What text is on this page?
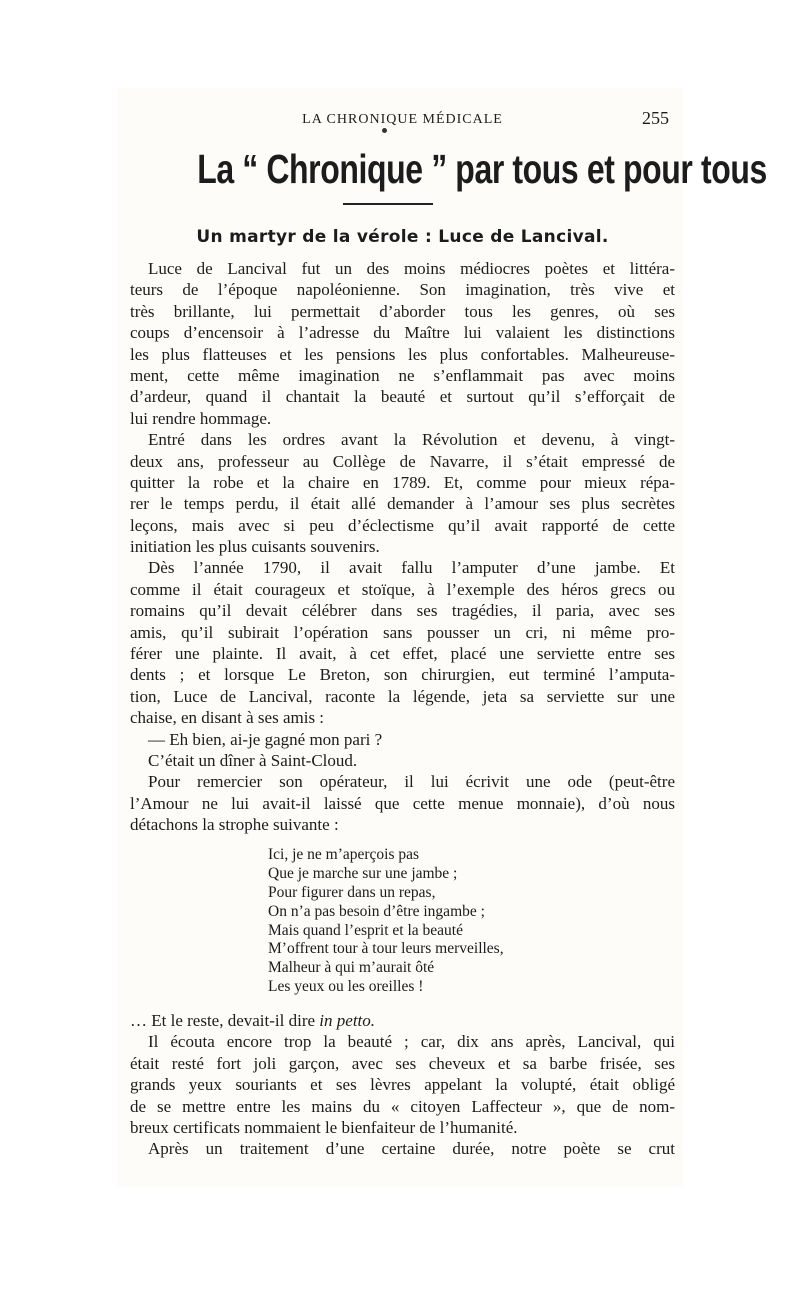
LA CHRONIQUE MÉDICALE	255
La “ Chronique ” par tous et pour tous
Un martyr de la vérole : Luce de Lancival.

Luce de Lancival fut un des moins médiocres poètes et littéra-
teurs de l’époque napoléonienne. Son imagination, très vive et
très brillante, lui permettait d’aborder tous les genres, où ses
coups d’encensoir à l’adresse du Maître lui valaient les distinctions
les plus flatteuses et les pensions les plus confortables. Malheureuse-
ment, cette même imagination ne s’enflammait pas avec moins
d’ardeur, quand il chantait la beauté et surtout qu’il s’efforçait de
lui rendre hommage.

Entré dans les ordres avant la Révolution et devenu, à vingt-
deux ans, professeur au Collège de Navarre, il s’était empressé de
quitter la robe et la chaire en 1789. Et, comme pour mieux répa-
rer le temps perdu, il était allé demander à l’amour ses plus secrètes
leçons, mais avec si peu d’éclectisme qu’il avait rapporté de cette
initiation les plus cuisants souvenirs.

Dès l’année 1790, il avait fallu l’amputer d’une jambe. Et
comme il était courageux et stoïque, à l’exemple des héros grecs ou
romains qu’il devait célébrer dans ses tragédies, il paria, avec ses
amis, qu’il subirait l’opération sans pousser un cri, ni même pro-
férer une plainte. Il avait, à cet effet, placé une serviette entre ses
dents ; et lorsque Le Breton, son chirurgien, eut terminé l’amputa-
tion, Luce de Lancival, raconte la légende, jeta sa serviette sur une
chaise, en disant à ses amis :

— Eh bien, ai-je gagné mon pari ?

C’était un dîner à Saint-Cloud.

Pour remercier son opérateur, il lui écrivit une ode (peut-être
l’Amour ne lui avait-il laissé que cette menue monnaie), d’où nous
détachons la strophe suivante :

Ici, je ne m’aperçois pas
Que je marche sur une jambe ;
Pour figurer dans un repas,
On n’a pas besoin d’être ingambe ;
Mais quand l’esprit et la beauté
M’offrent tour à tour leurs merveilles,
Malheur à qui m’aurait ôté
Les yeux ou les oreilles !
… Et le reste, devait-il dire in petto.
Il écouta encore trop la beauté ; car, dix ans après, Lancival, qui
était resté fort joli garçon, avec ses cheveux et sa barbe frisée, ses
grands yeux souriants et ses lèvres appelant la volupté, était obligé
de se mettre entre les mains du « citoyen Laffecteur », que de nom-
breux certificats nommaient le bienfaiteur de l’humanité.
Après un traitement d’une certaine durée, notre poète se crut
